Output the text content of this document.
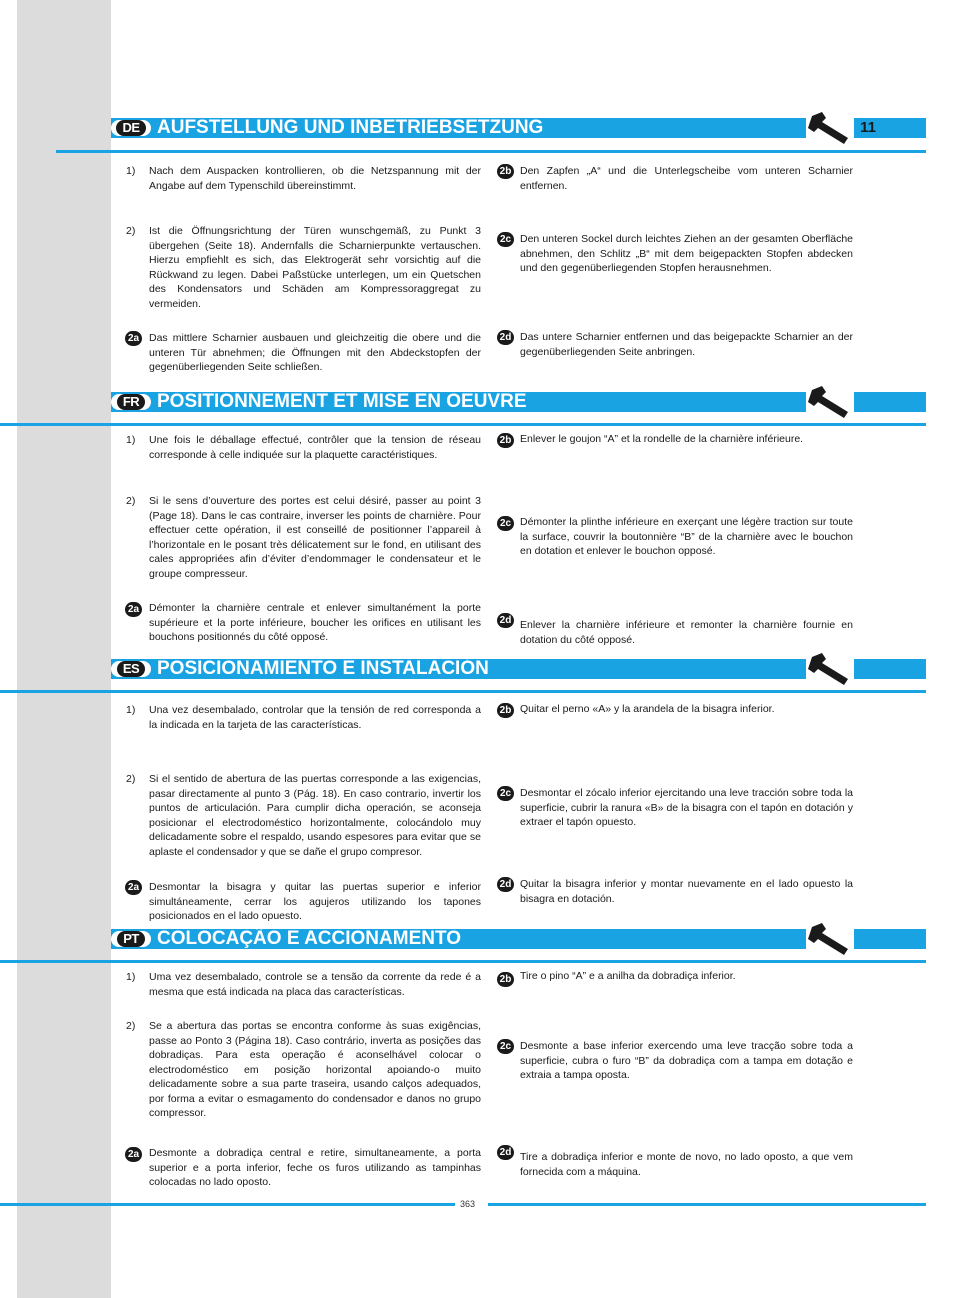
DE AUFSTELLUNG UND INBETRIEBSETZUNG	11
1) Nach dem Auspacken kontrollieren, ob die Netzspannung mit der Angabe auf dem Typenschild übereinstimmt.
2) Ist die Öffnungsrichtung der Türen wunschgemäß, zu Punkt 3 übergehen (Seite 18). Andernfalls die Scharnierpunkte vertauschen. Hierzu empfiehlt es sich, das Elektrogerät sehr vorsichtig auf die Rückwand zu legen. Dabei Paßstücke unterlegen, um ein Quetschen des Kondensators und Schäden am Kompressoraggregat zu vermeiden.
2a Das mittlere Scharnier ausbauen und gleichzeitig die obere und die unteren Tür abnehmen; die Öffnungen mit den Abdeckstopfen der gegenüberliegenden Seite schließen.
2b Den Zapfen „A“ und die Unterlegscheibe vom unteren Scharnier entfernen.
2c Den unteren Sockel durch leichtes Ziehen an der gesamten Oberfläche abnehmen, den Schlitz „B“ mit dem beigepackten Stopfen abdecken und den gegenüberliegenden Stopfen herausnehmen.
2d Das untere Scharnier entfernen und das beigepackte Scharnier an der gegenüberliegenden Seite anbringen.
FR POSITIONNEMENT ET MISE EN OEUVRE
1) Une fois le déballage effectué, contrôler que la tension de réseau corresponde à celle indiquée sur la plaquette caractéristiques.
2) Si le sens d’ouverture des portes est celui désiré, passer au point 3 (Page 18). Dans le cas contraire, inverser les points de charnière. Pour effectuer cette opération, il est conseillé de positionner l’appareil à l’horizontale en le posant très délicatement sur le fond, en utilisant des cales appropriées afin d’éviter d’endommager le condensateur et le groupe compresseur.
2a Démonter la charnière centrale et enlever simultanément la porte supérieure et la porte inférieure, boucher les orifices en utilisant les bouchons positionnés du côté opposé.
2b Enlever le goujon “A” et la rondelle de la charnière inférieure.
2c Démonter la plinthe inférieure en exerçant une légère traction sur toute la surface, couvrir la boutonnière “B” de la charnière avec le bouchon en dotation et enlever le bouchon opposé.
2d Enlever la charnière inférieure et remonter la charnière fournie en dotation du côté opposé.
ES POSICIONAMIENTO E INSTALACIÓN
1) Una vez desembalado, controlar que la tensión de red corresponda a la indicada en la tarjeta de las características.
2) Si el sentido de abertura de las puertas corresponde a las exigencias, pasar directamente al punto 3 (Pág. 18). En caso contrario, invertir los puntos de articulación. Para cumplir dicha operación, se aconseja posicionar el electrodoméstico horizontalmente, colocándolo muy delicadamente sobre el respaldo, usando espesores para evitar que se aplaste el condensador y que se dañe el grupo compresor.
2a Desmontar la bisagra y quitar las puertas superior e inferior simultáneamente, cerrar los agujeros utilizando los tapones posicionados en el lado opuesto.
2b Quitar el perno «A» y la arandela de la bisagra inferior.
2c Desmontar el zócalo inferior ejercitando una leve tracción sobre toda la superficie, cubrir la ranura «B» de la bisagra con el tapón en dotación y extraer el tapón opuesto.
2d Quitar la bisagra inferior y montar nuevamente en el lado opuesto la bisagra en dotación.
PT COLOCAÇÃO E ACCIONAMENTO
1) Uma vez desembalado, controle se a tensão da corrente da rede é a mesma que está indicada na placa das características.
2) Se a abertura das portas se encontra conforme às suas exigências, passe ao Ponto 3 (Página 18). Caso contrário, inverta as posições das dobradiças. Para esta operação é aconselhável colocar o electrodoméstico em posição horizontal apoiando-o muito delicadamente sobre a sua parte traseira, usando calços adequados, por forma a evitar o esmagamento do condensador e danos no grupo compressor.
2a Desmonte a dobradiça central e retire, simultaneamente, a porta superior e a porta inferior, feche os furos utilizando as tampinhas colocadas no lado oposto.
2b Tire o pino “A” e a anilha da dobradiça inferior.
2c Desmonte a base inferior exercendo uma leve tracção sobre toda a superficie, cubra o furo “B” da dobradiça com a tampa em dotação e extraia a tampa oposta.
2d Tire a dobradiça inferior e monte de novo, no lado oposto, a que vem fornecida com a máquina.
363
